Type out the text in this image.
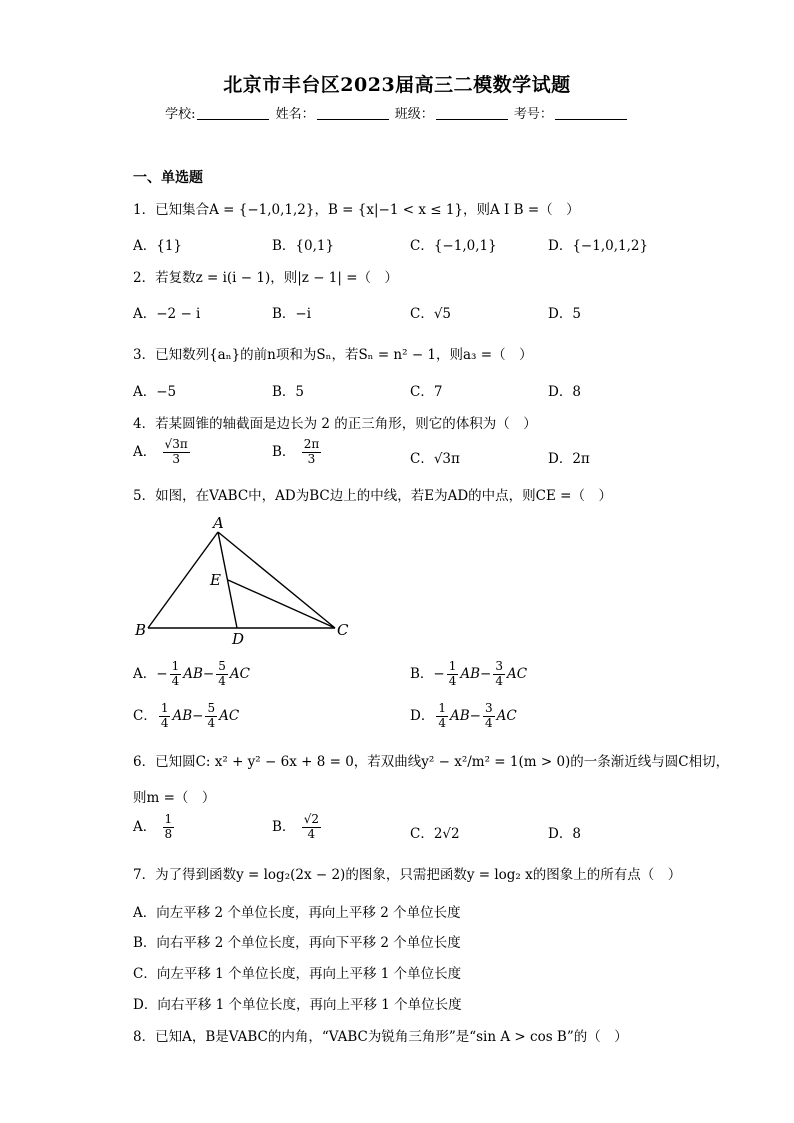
北京市丰台区2023届高三二模数学试题
学校:	姓名：	班级：	考号：
一、单选题
1．已知集合A = {−1,0,1,2}，B = {x|−1 < x ≤ 1}，则A I B =（　）
A．{1}	B．{0,1}	C．{−1,0,1}	D．{−1,0,1,2}
2．若复数z = i(i − 1)，则|z − 1| =（　）
A．−2 − i	B．−i	C．√5	D．5
3．已知数列{aₙ}的前n项和为Sₙ，若Sₙ = n² − 1，则a₃ =（　）
A．−5	B．5	C．7	D．8
4．若某圆锥的轴截面是边长为 2 的正三角形，则它的体积为（　）
A． $\frac{√3\pi}{3}$	B． $\frac{2\pi}{3}$	C．√3π	D．2π
5．如图，在VABC中，AD为BC边上的中线，若E为AD的中点，则CE =（　）
A
B	C
D
E
A．− $\frac{1}{4} AB- \frac{5}{4}$ AC	B．− $\frac{1}{4} AB- \frac{3}{4}$ AC
C． $\frac{1}{4} AB- \frac{5}{4}$ AC	D． $\frac{1}{4} AB- \frac{3}{4}$ AC
6．已知圆C: x² + y² − 6x + 8 = 0，若双曲线y² − x²/m² = 1(m > 0)的一条渐近线与圆C相切，
则m =（　）
A． $\frac{1}{8}$	B． $\frac{√2}{4}$	C．2√2	D．8
7．为了得到函数y = log₂(2x − 2)的图象，只需把函数y = log₂ x的图象上的所有点（　）
A．向左平移 2 个单位长度，再向上平移 2 个单位长度
B．向右平移 2 个单位长度，再向下平移 2 个单位长度
C．向左平移 1 个单位长度，再向上平移 1 个单位长度
D．向右平移 1 个单位长度，再向上平移 1 个单位长度
8．已知A，B是VABC的内角，“VABC为锐角三角形”是“sin A > cos B”的（　）
